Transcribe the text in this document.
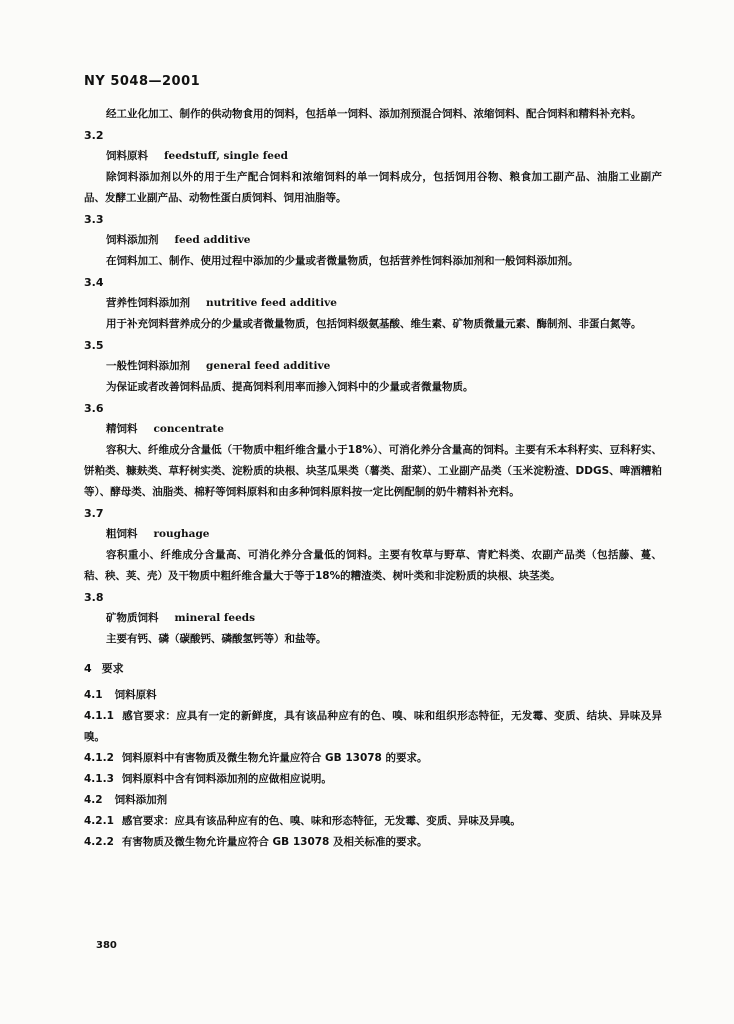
NY 5048—2001
经工业化加工、制作的供动物食用的饲料，包括单一饲料、添加剂预混合饲料、浓缩饲料、配合饲料和精料补充料。
3.2
饲料原料 feedstuff, single feed
除饲料添加剂以外的用于生产配合饲料和浓缩饲料的单一饲料成分，包括饲用谷物、粮食加工副产品、油脂工业副产品、发酵工业副产品、动物性蛋白质饲料、饲用油脂等。
3.3
饲料添加剂 feed additive
在饲料加工、制作、使用过程中添加的少量或者微量物质，包括营养性饲料添加剂和一般饲料添加剂。
3.4
营养性饲料添加剂 nutritive feed additive
用于补充饲料营养成分的少量或者微量物质，包括饲料级氨基酸、维生素、矿物质微量元素、酶制剂、非蛋白氮等。
3.5
一般性饲料添加剂 general feed additive
为保证或者改善饲料品质、提高饲料利用率而掺入饲料中的少量或者微量物质。
3.6
精饲料 concentrate
容积大、纤维成分含量低（干物质中粗纤维含量小于18%）、可消化养分含量高的饲料。主要有禾本科籽实、豆科籽实、饼粕类、糠麸类、草籽树实类、淀粉质的块根、块茎瓜果类（薯类、甜菜）、工业副产品类（玉米淀粉渣、DDGS、啤酒糟粕等）、酵母类、油脂类、棉籽等饲料原料和由多种饲料原料按一定比例配制的奶牛精料补充料。
3.7
粗饲料 roughage
容积重小、纤维成分含量高、可消化养分含量低的饲料。主要有牧草与野草、青贮料类、农副产品类（包括藤、蔓、秸、秧、荚、壳）及干物质中粗纤维含量大于等于18%的糟渣类、树叶类和非淀粉质的块根、块茎类。
3.8
矿物质饲料 mineral feeds
主要有钙、磷（碳酸钙、磷酸氢钙等）和盐等。
4 要求
4.1 饲料原料
4.1.1 感官要求：应具有一定的新鲜度，具有该品种应有的色、嗅、味和组织形态特征，无发霉、变质、结块、异味及异嗅。
4.1.2 饲料原料中有害物质及微生物允许量应符合 GB 13078 的要求。
4.1.3 饲料原料中含有饲料添加剂的应做相应说明。
4.2 饲料添加剂
4.2.1 感官要求：应具有该品种应有的色、嗅、味和形态特征，无发霉、变质、异味及异嗅。
4.2.2 有害物质及微生物允许量应符合 GB 13078 及相关标准的要求。
380
